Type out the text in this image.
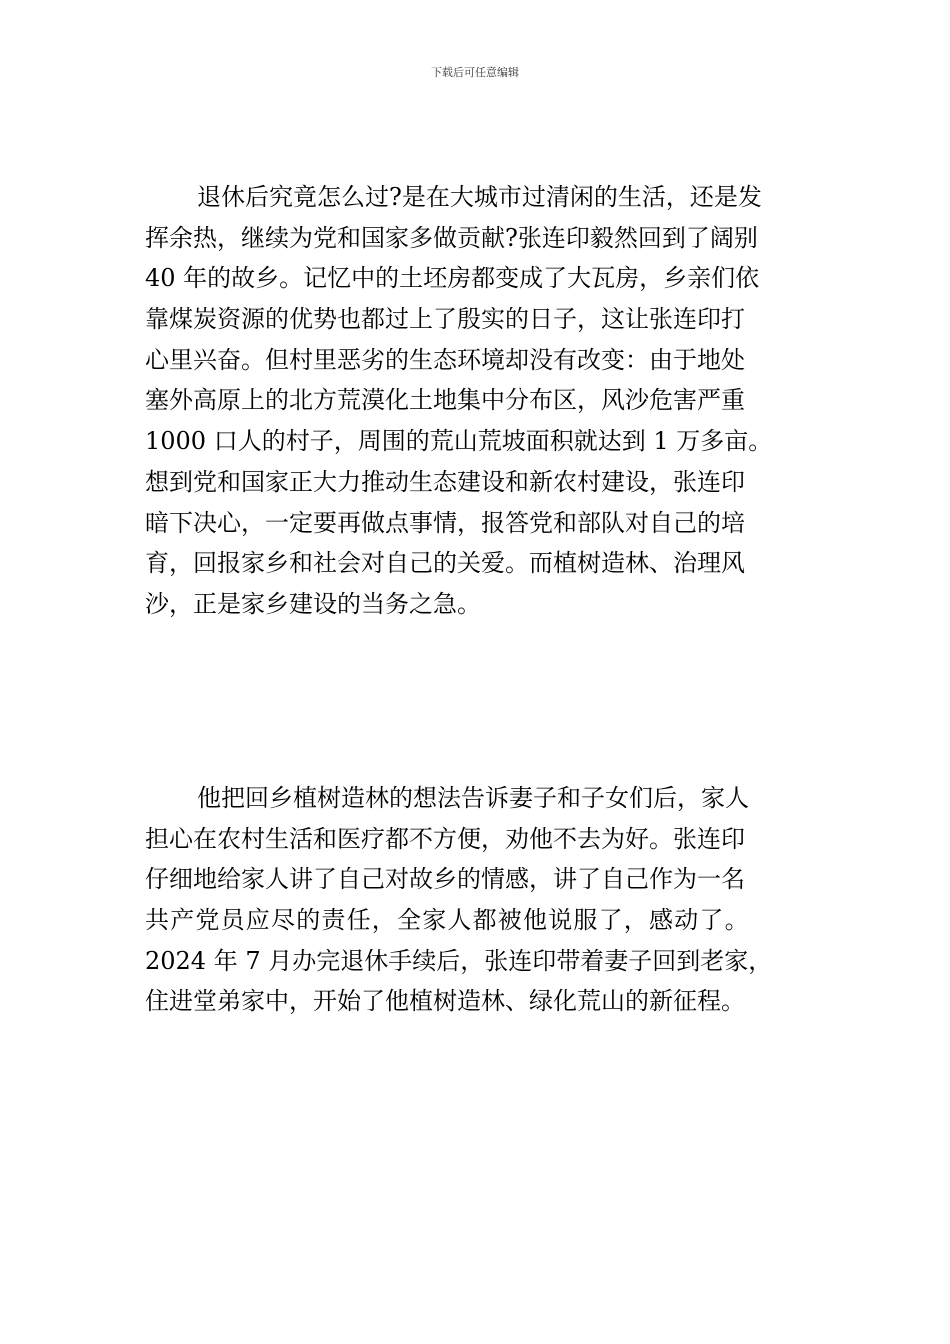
下载后可任意编辑
退休后究竟怎么过?是在大城市过清闲的生活，还是发
挥余热，继续为党和国家多做贡献?张连印毅然回到了阔别
40 年的故乡。记忆中的土坯房都变成了大瓦房，乡亲们依
靠煤炭资源的优势也都过上了殷实的日子，这让张连印打
心里兴奋。但村里恶劣的生态环境却没有改变：由于地处
塞外高原上的北方荒漠化土地集中分布区，风沙危害严重
1000 口人的村子，周围的荒山荒坡面积就达到 1 万多亩。
想到党和国家正大力推动生态建设和新农村建设，张连印
暗下决心，一定要再做点事情，报答党和部队对自己的培
育，回报家乡和社会对自己的关爱。而植树造林、治理风
沙，正是家乡建设的当务之急。
他把回乡植树造林的想法告诉妻子和子女们后，家人
担心在农村生活和医疗都不方便，劝他不去为好。张连印
仔细地给家人讲了自己对故乡的情感，讲了自己作为一名
共产党员应尽的责任，全家人都被他说服了，感动了。
2024 年 7 月办完退休手续后，张连印带着妻子回到老家，
住进堂弟家中，开始了他植树造林、绿化荒山的新征程。
